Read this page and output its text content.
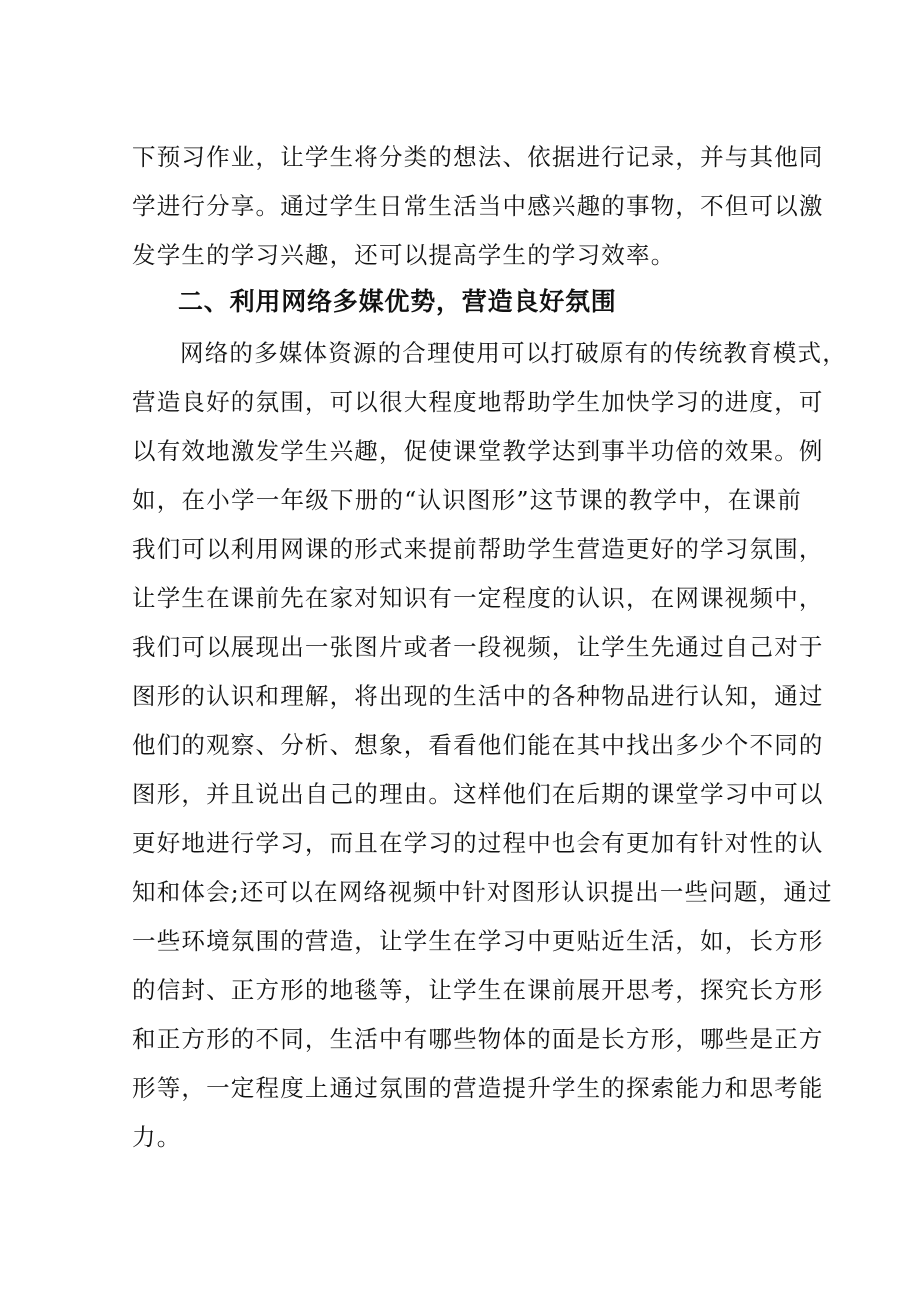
下预习作业，让学生将分类的想法、依据进行记录，并与其他同
学进行分享。通过学生日常生活当中感兴趣的事物，不但可以激
发学生的学习兴趣，还可以提高学生的学习效率。
二、利用网络多媒优势，营造良好氛围
网络的多媒体资源的合理使用可以打破原有的传统教育模式，
营造良好的氛围，可以很大程度地帮助学生加快学习的进度，可
以有效地激发学生兴趣，促使课堂教学达到事半功倍的效果。例
如，在小学一年级下册的“认识图形”这节课的教学中，在课前
我们可以利用网课的形式来提前帮助学生营造更好的学习氛围，
让学生在课前先在家对知识有一定程度的认识，在网课视频中，
我们可以展现出一张图片或者一段视频，让学生先通过自己对于
图形的认识和理解，将出现的生活中的各种物品进行认知，通过
他们的观察、分析、想象，看看他们能在其中找出多少个不同的
图形，并且说出自己的理由。这样他们在后期的课堂学习中可以
更好地进行学习，而且在学习的过程中也会有更加有针对性的认
知和体会;还可以在网络视频中针对图形认识提出一些问题，通过
一些环境氛围的营造，让学生在学习中更贴近生活，如，长方形
的信封、正方形的地毯等，让学生在课前展开思考，探究长方形
和正方形的不同，生活中有哪些物体的面是长方形，哪些是正方
形等，一定程度上通过氛围的营造提升学生的探索能力和思考能
力。
